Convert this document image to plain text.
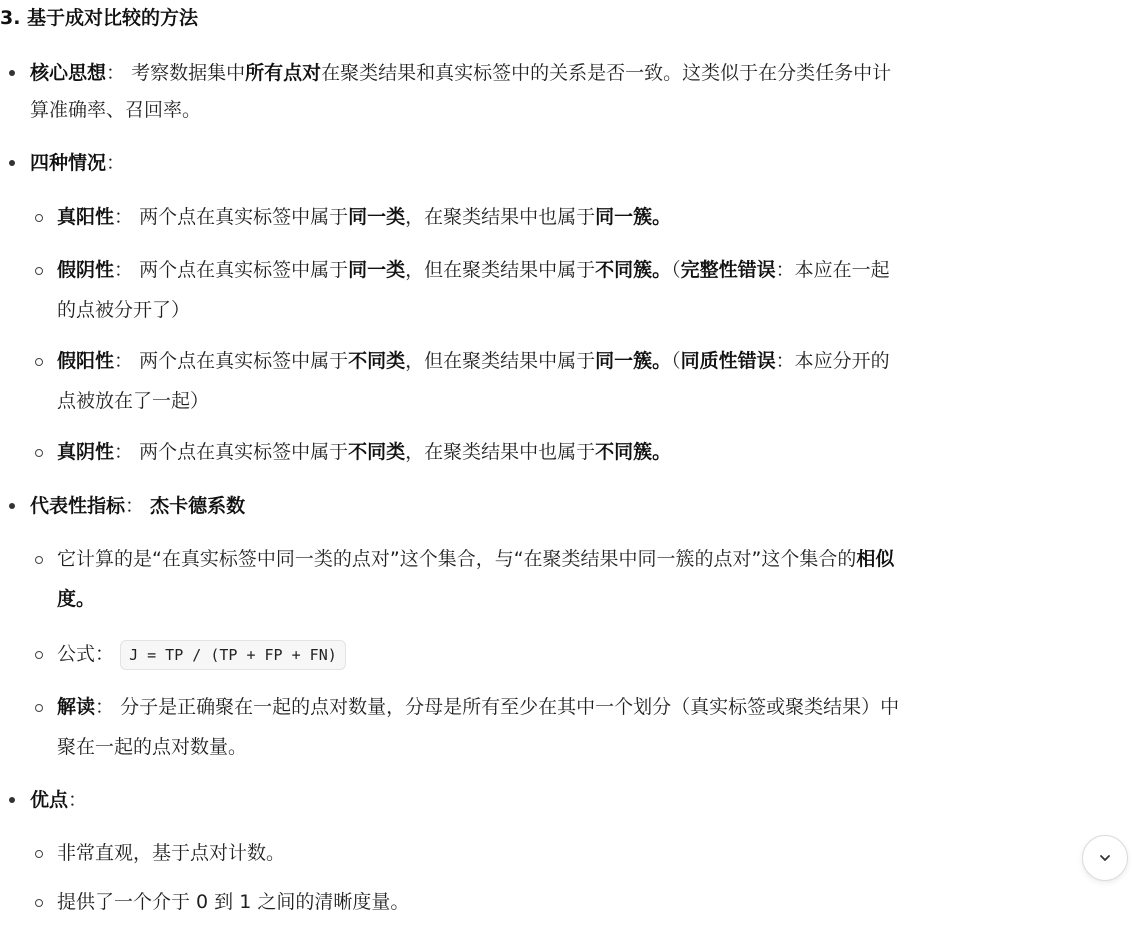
3. 基于成对比较的方法
核心思想： 考察数据集中所有点对在聚类结果和真实标签中的关系是否一致。这类似于在分类任务中计
算准确率、召回率。
四种情况：
真阳性： 两个点在真实标签中属于同一类，在聚类结果中也属于同一簇。
假阴性： 两个点在真实标签中属于同一类，但在聚类结果中属于不同簇。（完整性错误：本应在一起
的点被分开了）
假阳性： 两个点在真实标签中属于不同类，但在聚类结果中属于同一簇。（同质性错误：本应分开的
点被放在了一起）
真阴性： 两个点在真实标签中属于不同类，在聚类结果中也属于不同簇。
代表性指标： 杰卡德系数
它计算的是“在真实标签中同一类的点对”这个集合，与“在聚类结果中同一簇的点对”这个集合的相似
度。
公式： J = TP / (TP + FP + FN)
解读： 分子是正确聚在一起的点对数量，分母是所有至少在其中一个划分（真实标签或聚类结果）中
聚在一起的点对数量。
优点：
非常直观，基于点对计数。
提供了一个介于 0 到 1 之间的清晰度量。
